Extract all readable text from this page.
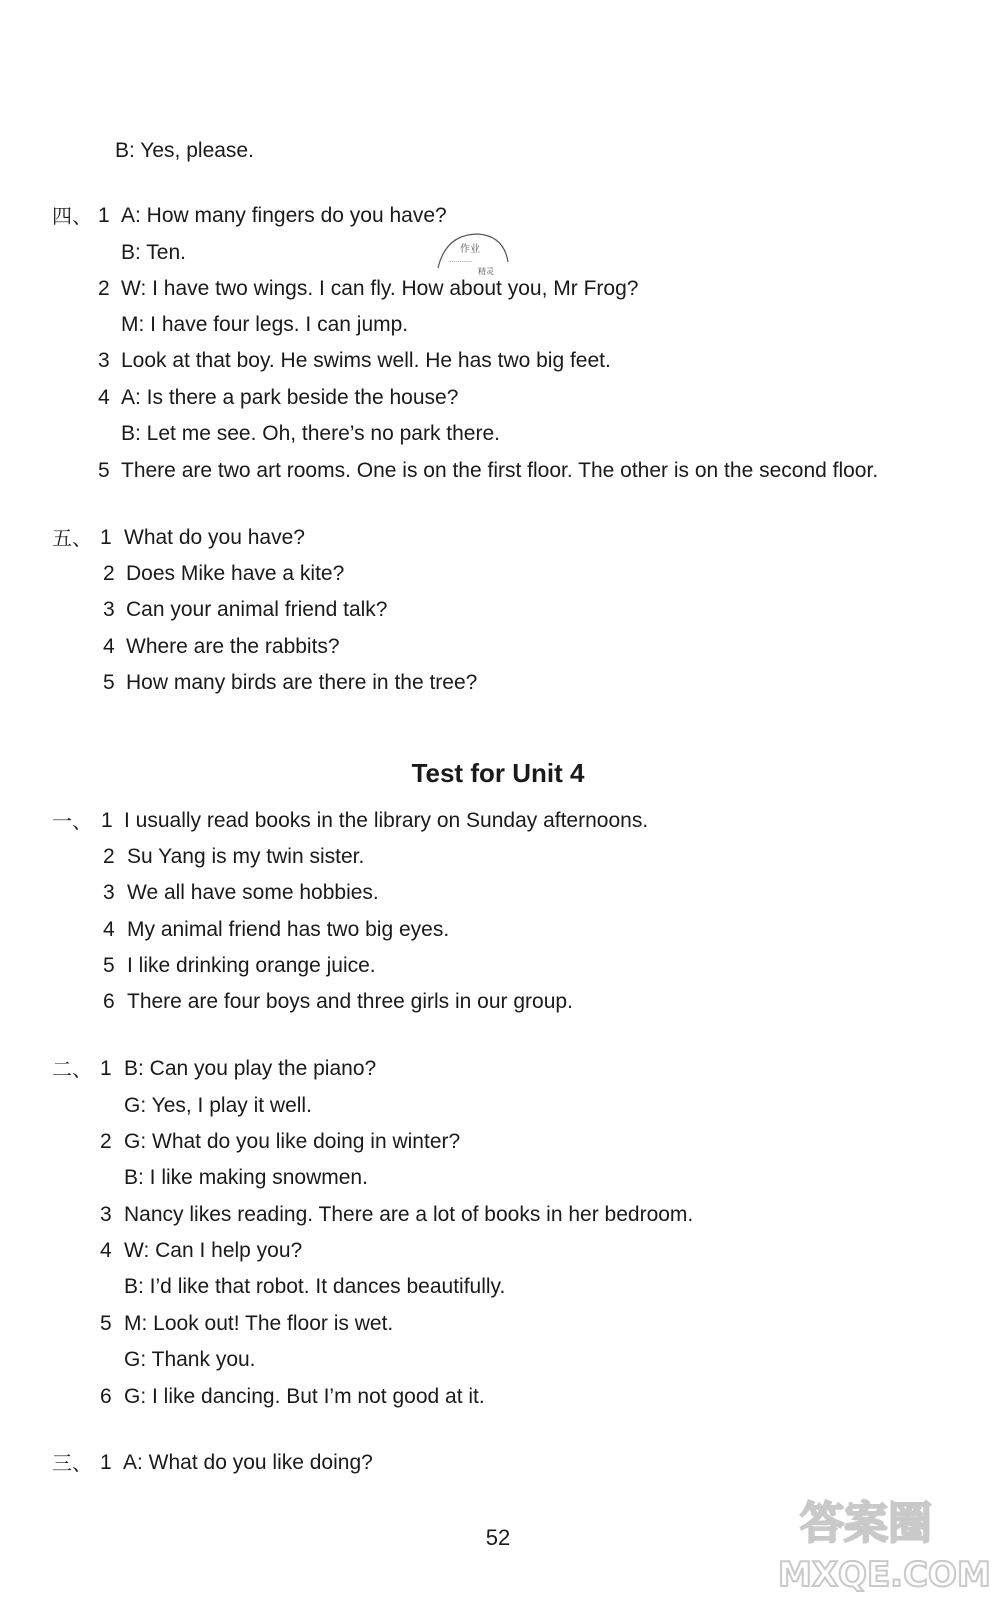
B: Yes, please.
四、 1 A: How many fingers do you have?
B: Ten.
2 W: I have two wings. I can fly. How about you, Mr Frog?
M: I have four legs. I can jump.
3 Look at that boy. He swims well. He has two big feet.
4 A: Is there a park beside the house?
B: Let me see. Oh, there’s no park there.
5 There are two art rooms. One is on the first floor. The other is on the second floor.
五、 1 What do you have?
2 Does Mike have a kite?
3 Can your animal friend talk?
4 Where are the rabbits?
5 How many birds are there in the tree?
Test for Unit 4
一、 1 I usually read books in the library on Sunday afternoons.
2 Su Yang is my twin sister.
3 We all have some hobbies.
4 My animal friend has two big eyes.
5 I like drinking orange juice.
6 There are four boys and three girls in our group.
二、 1 B: Can you play the piano?
G: Yes, I play it well.
2 G: What do you like doing in winter?
B: I like making snowmen.
3 Nancy likes reading. There are a lot of books in her bedroom.
4 W: Can I help you?
B: I’d like that robot. It dances beautifully.
5 M: Look out! The floor is wet.
G: Thank you.
6 G: I like dancing. But I’m not good at it.
三、 1 A: What do you like doing?
52
作业
·············
精灵
答案圈
MXQE.COM
